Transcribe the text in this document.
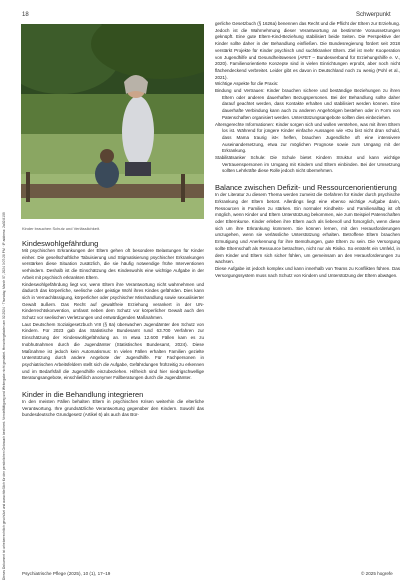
Dieses Dokument ist urheberrechtlich geschützt und ausschließlich für den persönlichen Gebrauch bestimmt. Vervielfältigung und Weitergabe nicht gestattet. Heruntergeladen am 02.2024 · Thursday, March 07, 2024 3:07:28 PM · IP address: 2a02:8109
18	Schwerpunkt
Kinder brauchen Schutz und Verlässlichkeit.
Kindeswohlgefährdung

Mit psychischen Erkrankungen der Eltern gehen oft besondere Belastungen für Kinder einher. Die gesellschaftliche Tabuisierung und Stigmatisierung psychischer Erkrankungen verstärken diese Situation zusätzlich, die sie häufig notwendige frühe Interventionen verhindern. Deshalb ist die Einschätzung des Kindeswohls eine wichtige Aufgabe in der Arbeit mit psychisch erkrankten Eltern.

Kindeswohlgefährdung liegt vor, wenn Eltern ihre Verantwortung nicht wahrnehmen und dadurch das körperliche, seelische oder geistige Wohl ihres Kindes gefährden. Dies kann sich in Vernachlässigung, körperlicher oder psychischer Misshandlung sowie sexualisierter Gewalt äußern. Das Recht auf gewaltfreie Erziehung verankert in der UN-Kinderrechtskonvention, umfasst neben dem Schutz vor körperlicher Gewalt auch den Schutz vor seelischen Verletzungen und entwürdigenden Maßnahmen.

Laut Deutschem Sozialgesetzbuch VIII (§ 8a) überwachen Jugendämter den Schutz von Kindern. Für 2023 gab das Statistische Bundesamt rund 63.700 Verfahren zur Einschätzung der Kindeswohlgefährdung an. In etwa 12.600 Fällen kam es zu Inobhutnahmen durch die Jugendämter (Statistisches Bundesamt, 2024). Diese Maßnahme ist jedoch kein Automatismus: In vielen Fällen erhalten Familien gezielte Unterstützung durch andere Angebote der Jugendhilfe. Für Fachpersonen in psychiatrischen Arbeitsfeldern stellt sich die Aufgabe, Gefährdungen frühzeitig zu erkennen und im Bedarfsfall die Jugendhilfe einzubeziehen. Hilfreich sind hier niedrigschwellige Beratungsangebote, einschließlich anonymer Fallberatungen durch die Jugendämter.

Kinder in die Behandlung integrieren

In den meisten Fällen behalten Eltern in psychischen Krisen weiterhin die elterliche Verantwortung. Ihre grundsätzliche Verantwortung gegenüber den Kindern. Sowohl das bundesdeutsche Grundgesetz (Artikel 6) als auch das Bür-

gerliche Gesetzbuch (§ 1626a) benennen das Recht und die Pflicht der Eltern zur Erziehung. Jedoch ist die Wahrnehmung dieser Verantwortung an bestimmte Voraussetzungen geknüpft. Eine gute Eltern-Kind-Beziehung stabilisiert beide Seiten. Die Perspektive der Kinder sollte daher in der Behandlung einfließen. Die Bundesregierung fördert seit 2018 verstärkt Projekte für Kinder psychisch und suchtkranker Eltern. Ziel ist mehr Kooperation von Jugendhilfe und Gesundheitswesen (AFET – Bundesverband für Erziehungshilfe e. V., 2020). Familienorientierte Konzepte sind in vielen Einrichtungen erprobt, aber noch nicht flächendeckend verbreitet. Leider gibt es davon in Deutschland noch zu wenig (Pohl et al., 2021).

Wichtige Aspekte für die Praxis:

Bindung und Vertrauen: Kinder brauchen sichere und beständige Beziehungen zu ihren Eltern oder anderen dauerhaften Bezugspersonen. Bei der Behandlung sollte daher darauf geachtet werden, dass Kontakte erhalten und stabilisiert werden können. Eine dauerhafte Verbindung kann auch zu anderen Angehörigen bestehen oder in Form von Patenschaften organisiert werden. Unterstützungsangebote sollten dies einbeziehen.

Altersgerechte Informationen: Kinder sorgen sich und wollen verstehen, was mit ihren Eltern los ist. Während für jüngere Kinder einfache Aussagen wie »Du bist nicht dran schuld, dass Mama traurig ist« helfen, brauchen Jugendliche oft eine intensivere Auseinandersetzung, etwa zur möglichen Prognose sowie zum Umgang mit der Erkrankung.

Stabilitätsanker Schule: Die Schule bietet Kindern Struktur und kann wichtige Vertrauenspersonen im Umgang mit Kindern und Eltern einbinden. Bei der Umsetzung sollten Lehrkräfte diese Rolle jedoch nicht übernehmen.

Balance zwischen Defizit- und Ressourcenorientierung

In der Literatur zu diesem Thema werden zumeist die Gefahren für Kinder durch psychische Erkrankung der Eltern betont. Allerdings liegt eine ebenso wichtige Aufgabe darin, Ressourcen in Familien zu stärken. Ein normaler Kindheits- und Familienalltag ist oft möglich, wenn Kinder und Eltern Unterstützung bekommen, wie zum Beispiel Patenschaften oder Elternkurse. Kinder erleben ihre Eltern auch als liebevoll und fürsorglich, wenn diese sich um ihre Erkrankung kümmern. Sie können lernen, mit den Herausforderungen umzugehen, wenn sie verlässliche Unterstützung erhalten. Betroffene Eltern brauchen Ermutigung und Anerkennung für ihre Bemühungen, gute Eltern zu sein. Die Versorgung sollte Elternschaft als Ressource betrachten, nicht nur als Risiko. So entsteht ein Umfeld, in dem Kinder und Eltern sich sicher fühlen, um gemeinsam an den Herausforderungen zu wachsen.

Diese Aufgabe ist jedoch komplex und kann innerhalb von Teams zu Konflikten führen. Das Versorgungssystem muss nach Schutz von Kindern und Unterstützung der Eltern abwägen.

Psychiatrische Pflege (2025), 10 (1), 17–19	© 2025 hogrefe
